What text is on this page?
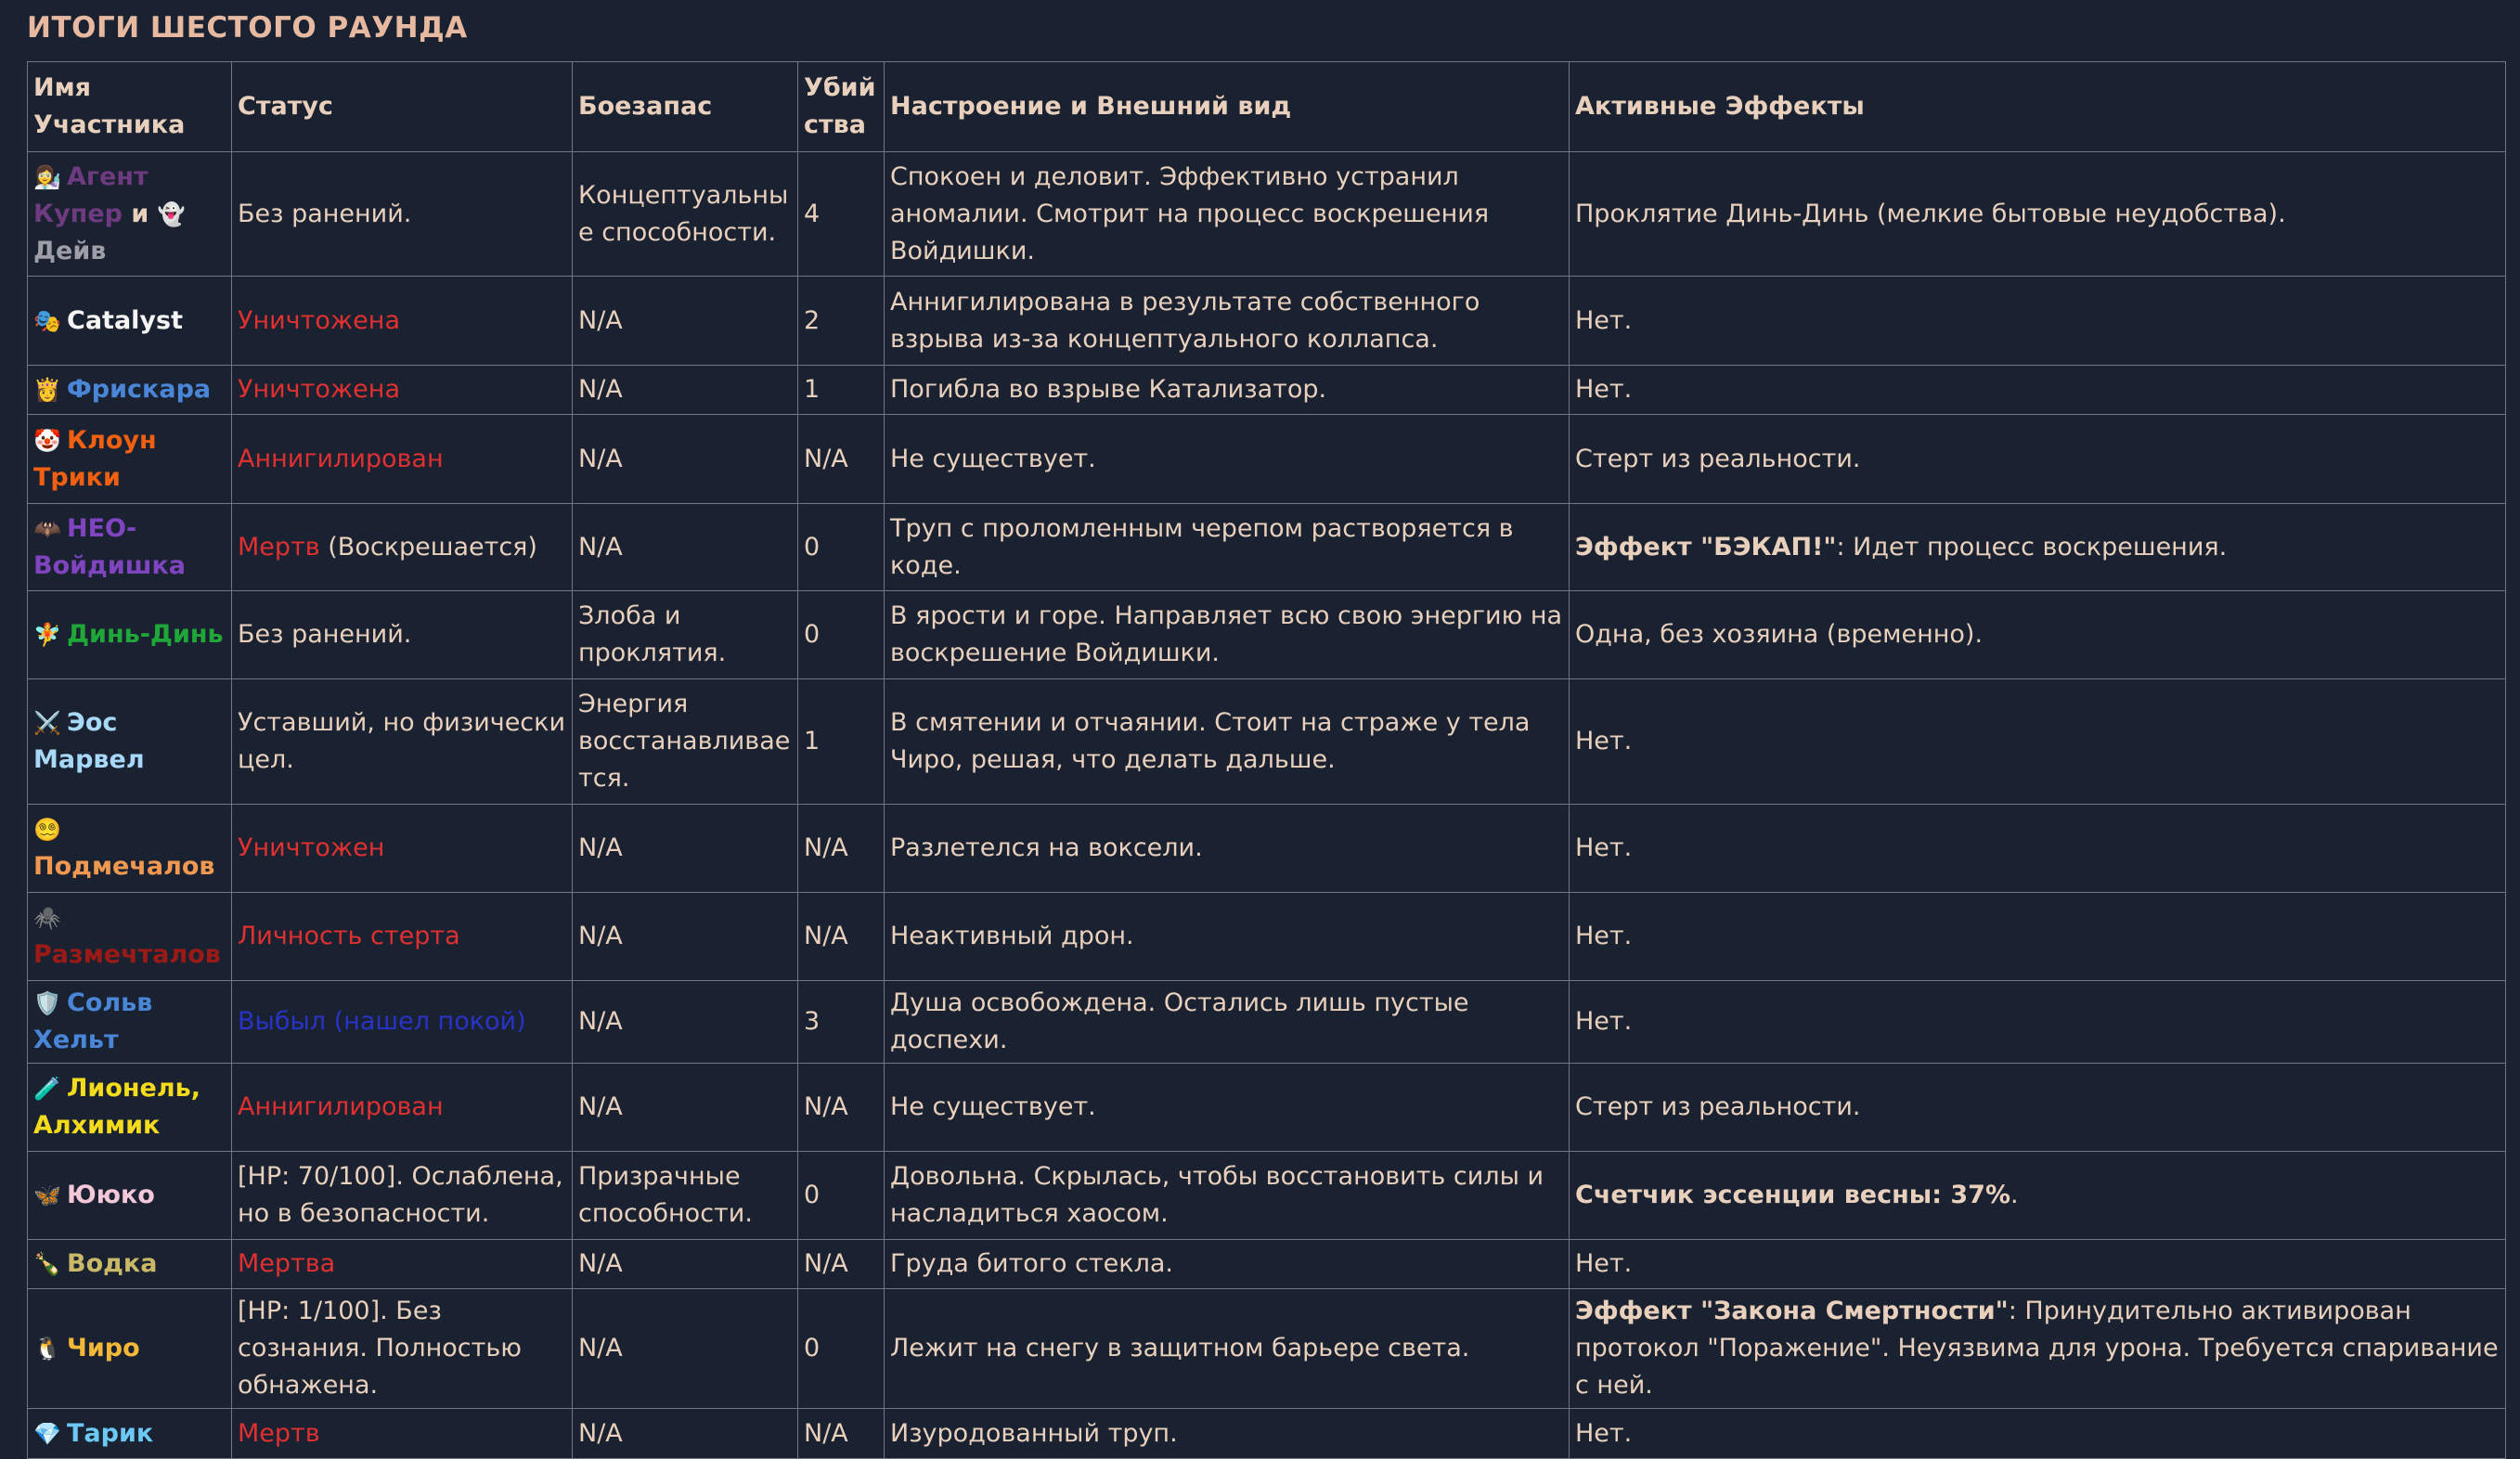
ИТОГИ ШЕСТОГО РАУНДА
Имя Участника	Статус	Боезапас	Убийства	Настроение и Внешний вид	Активные Эффекты
👩‍🔬 Агент Купер и 👻Дейв	Без ранений.	Концептуальные способности.	4	Спокоен и деловит. Эффективно устранил аномалии. Смотрит на процесс воскрешения Войдишки.	Проклятие Динь-Динь (мелкие бытовые неудобства).
🎭 Catalyst	Уничтожена	N/A	2	Аннигилирована в результате собственного взрыва из-за концептуального коллапса.	Нет.
👸 Фрискара	Уничтожена	N/A	1	Погибла во взрыве Катализатор.	Нет.
🤡 Клоун Трики	Аннигилирован	N/A	N/A	Не существует.	Стерт из реальности.
🦇 НЕО-Войдишка	Мертв (Воскрешается)	N/A	0	Труп с проломленным черепом растворяется в коде.	Эффект "БЭКАП!": Идет процесс воскрешения.
🧚 Динь-Динь	Без ранений.	Злоба и проклятия.	0	В ярости и горе. Направляет всю свою энергию на воскрешение Войдишки.	Одна, без хозяина (временно).
⚔️ Эос Марвел	Уставший, но физически цел.	Энергия восстанавливается.	1	В смятении и отчаянии. Стоит на страже у тела Чиро, решая, что делать дальше.	Нет.
😵‍💫Подмечалов	Уничтожен	N/A	N/A	Разлетелся на воксели.	Нет.
🕷️Размечталов	Личность стерта	N/A	N/A	Неактивный дрон.	Нет.
🛡️ Сольв Хельт	Выбыл (нашел покой)	N/A	3	Душа освобождена. Остались лишь пустые доспехи.	Нет.
🧪 Лионель, Алхимик	Аннигилирован	N/A	N/A	Не существует.	Стерт из реальности.
🦋 Ююко	[HP: 70/100]. Ослаблена, но в безопасности.	Призрачные способности.	0	Довольна. Скрылась, чтобы восстановить силы и насладиться хаосом.	Счетчик эссенции весны: 37%.
🍾 Водка	Мертва	N/A	N/A	Груда битого стекла.	Нет.
🐧 Чиро	[HP: 1/100]. Без сознания. Полностью обнажена.	N/A	0	Лежит на снегу в защитном барьере света.	Эффект "Закона Смертности": Принудительно активирован протокол "Поражение". Неуязвима для урона. Требуется спаривание с ней.
💎 Тарик	Мертв	N/A	N/A	Изуродованный труп.	Нет.
